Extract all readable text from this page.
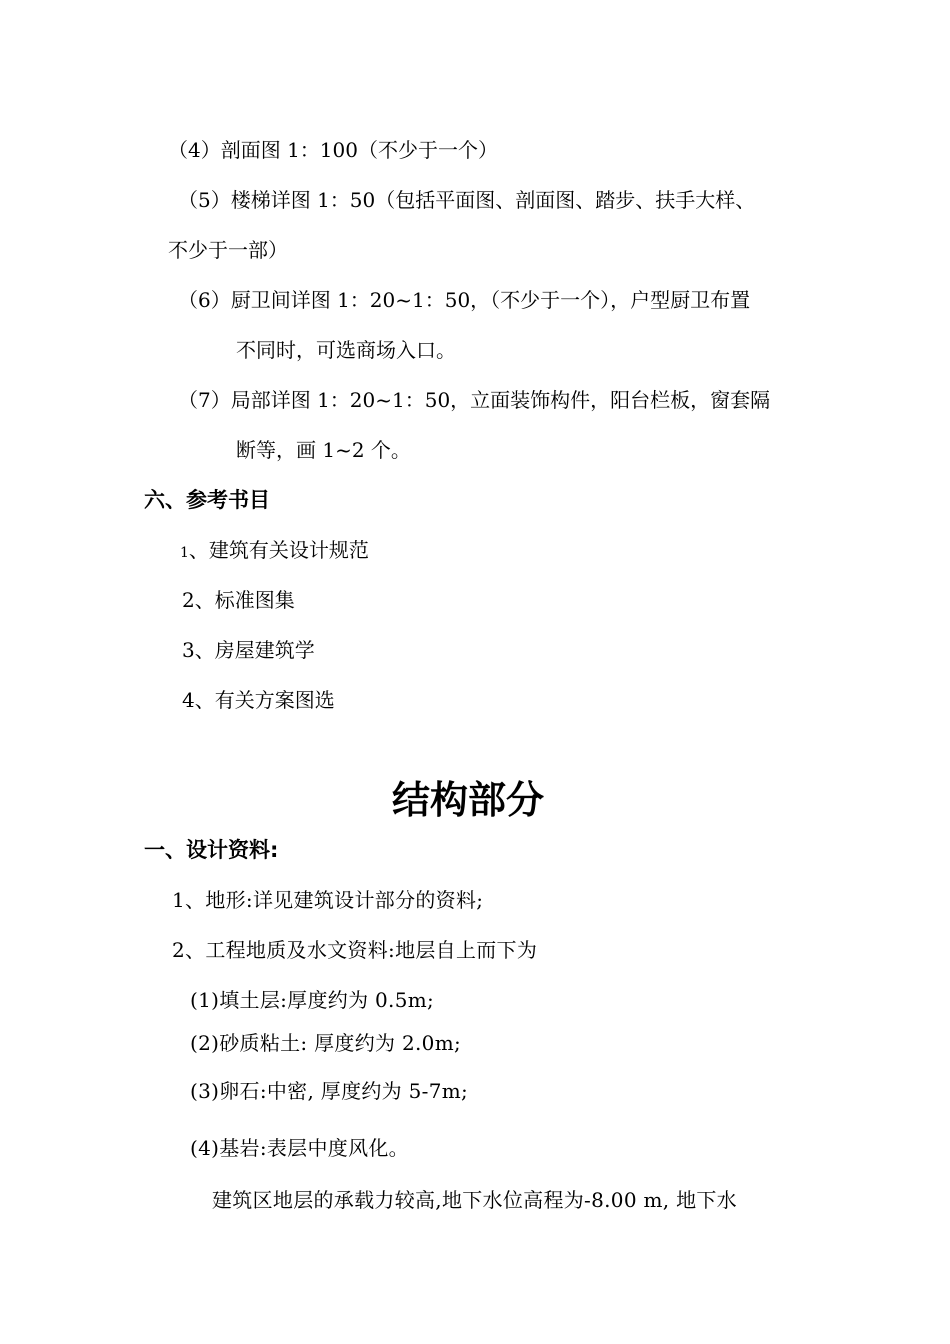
（4）剖面图 1：100（不少于一个）
（5）楼梯详图 1：50（包括平面图、剖面图、踏步、扶手大样、
不少于一部）
（6）厨卫间详图 1：20~1：50，（不少于一个），户型厨卫布置
不同时，可选商场入口。
（7）局部详图 1：20~1：50，立面装饰构件，阳台栏板，窗套隔
断等，画 1~2 个。
六、参考书目
1、建筑有关设计规范
2、标准图集
3、房屋建筑学
4、有关方案图选
结构部分
一、设计资料:
1、地形:详见建筑设计部分的资料;
2、工程地质及水文资料:地层自上而下为
(1)填土层:厚度约为 0.5m;
(2)砂质粘土: 厚度约为 2.0m;
(3)卵石:中密, 厚度约为 5-7m;
(4)基岩:表层中度风化。
建筑区地层的承载力较高,地下水位高程为-8.00 m, 地下水
